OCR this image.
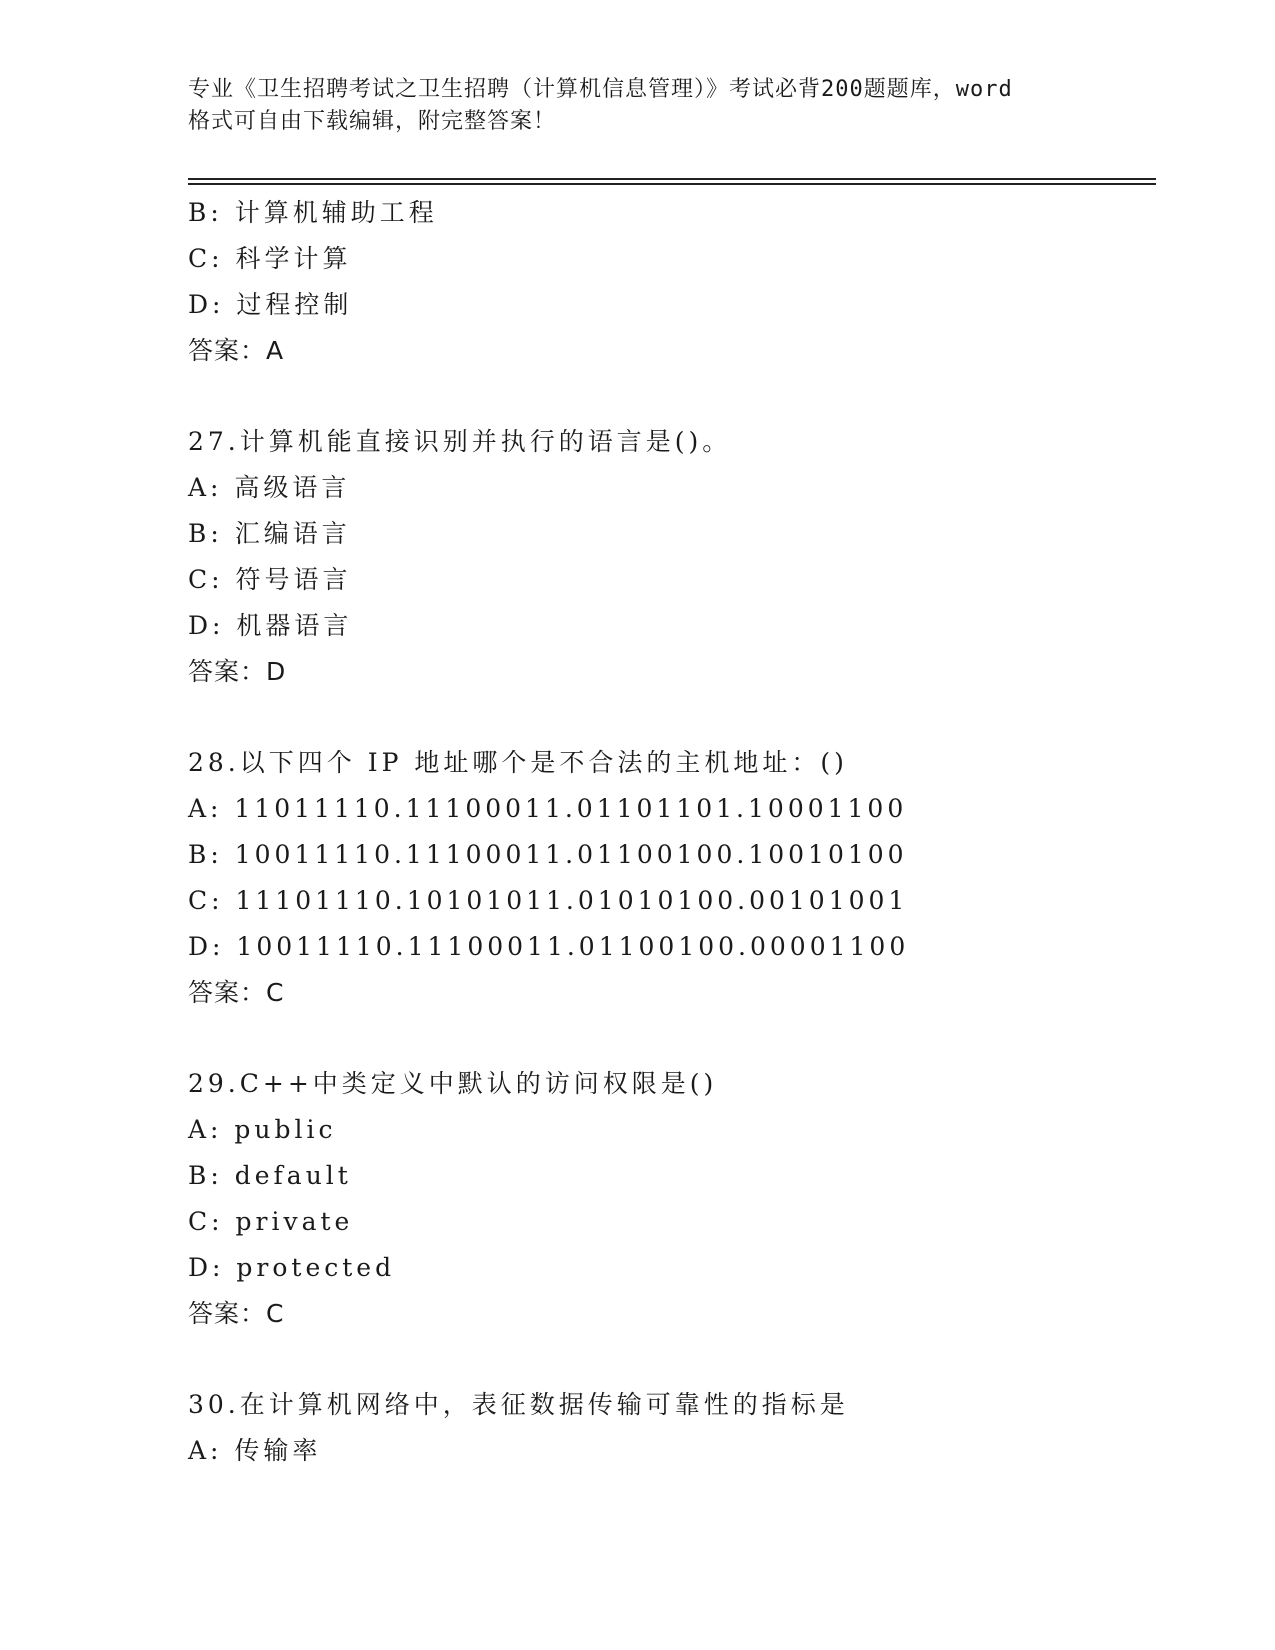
专业《卫生招聘考试之卫生招聘（计算机信息管理）》考试必背200题题库，word
格式可自由下载编辑，附完整答案！
B: 计算机辅助工程
C: 科学计算
D: 过程控制
答案：A
27.计算机能直接识别并执行的语言是()。
A: 高级语言
B: 汇编语言
C: 符号语言
D: 机器语言
答案：D
28.以下四个 IP 地址哪个是不合法的主机地址：()
A: 11011110.11100011.01101101.10001100
B: 10011110.11100011.01100100.10010100
C: 11101110.10101011.01010100.00101001
D: 10011110.11100011.01100100.00001100
答案：C
29.C++中类定义中默认的访问权限是()
A: public
B: default
C: private
D: protected
答案：C
30.在计算机网络中，表征数据传输可靠性的指标是
A: 传输率
